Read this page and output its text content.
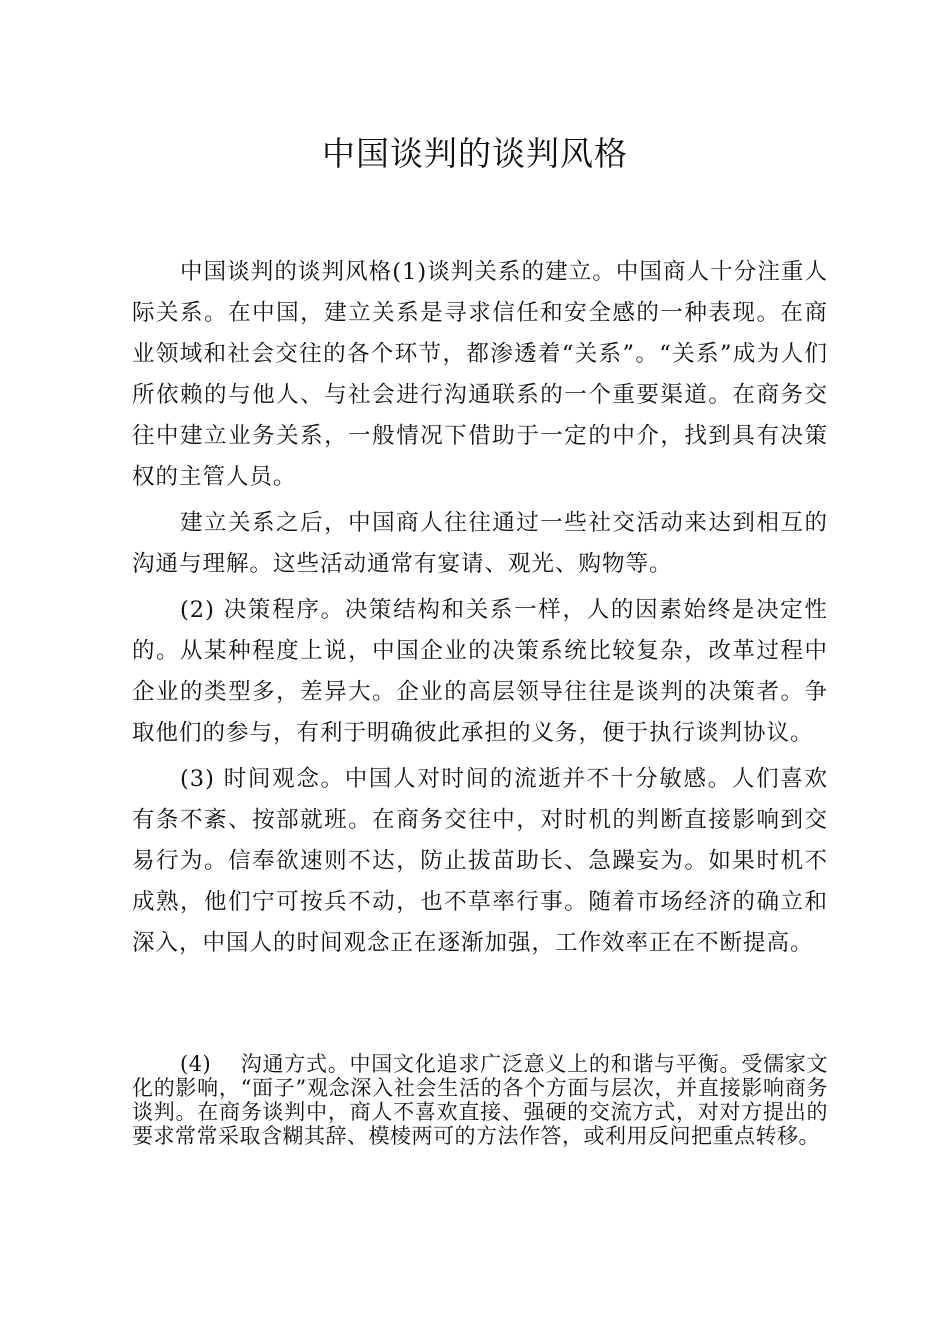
中国谈判的谈判风格

中国谈判的谈判风格(1)谈判关系的建立。中国商人十分注重人际关系。在中国，建立关系是寻求信任和安全感的一种表现。在商业领域和社会交往的各个环节，都渗透着“关系”。“关系”成为人们所依赖的与他人、与社会进行沟通联系的一个重要渠道。在商务交往中建立业务关系，一般情况下借助于一定的中介，找到具有决策权的主管人员。

建立关系之后，中国商人往往通过一些社交活动来达到相互的沟通与理解。这些活动通常有宴请、观光、购物等。

(2) 决策程序。决策结构和关系一样，人的因素始终是决定性的。从某种程度上说，中国企业的决策系统比较复杂，改革过程中企业的类型多，差异大。企业的高层领导往往是谈判的决策者。争取他们的参与，有利于明确彼此承担的义务，便于执行谈判协议。

(3) 时间观念。中国人对时间的流逝并不十分敏感。人们喜欢有条不紊、按部就班。在商务交往中，对时机的判断直接影响到交易行为。信奉欲速则不达，防止拔苗助长、急躁妄为。如果时机不成熟，他们宁可按兵不动，也不草率行事。随着市场经济的确立和深入，中国人的时间观念正在逐渐加强，工作效率正在不断提高。

(4)　 沟通方式。中国文化追求广泛意义上的和谐与平衡。受儒家文化的影响，“面子”观念深入社会生活的各个方面与层次，并直接影响商务谈判。在商务谈判中，商人不喜欢直接、强硬的交流方式，对对方提出的要求常常采取含糊其辞、模棱两可的方法作答，或利用反问把重点转移。
